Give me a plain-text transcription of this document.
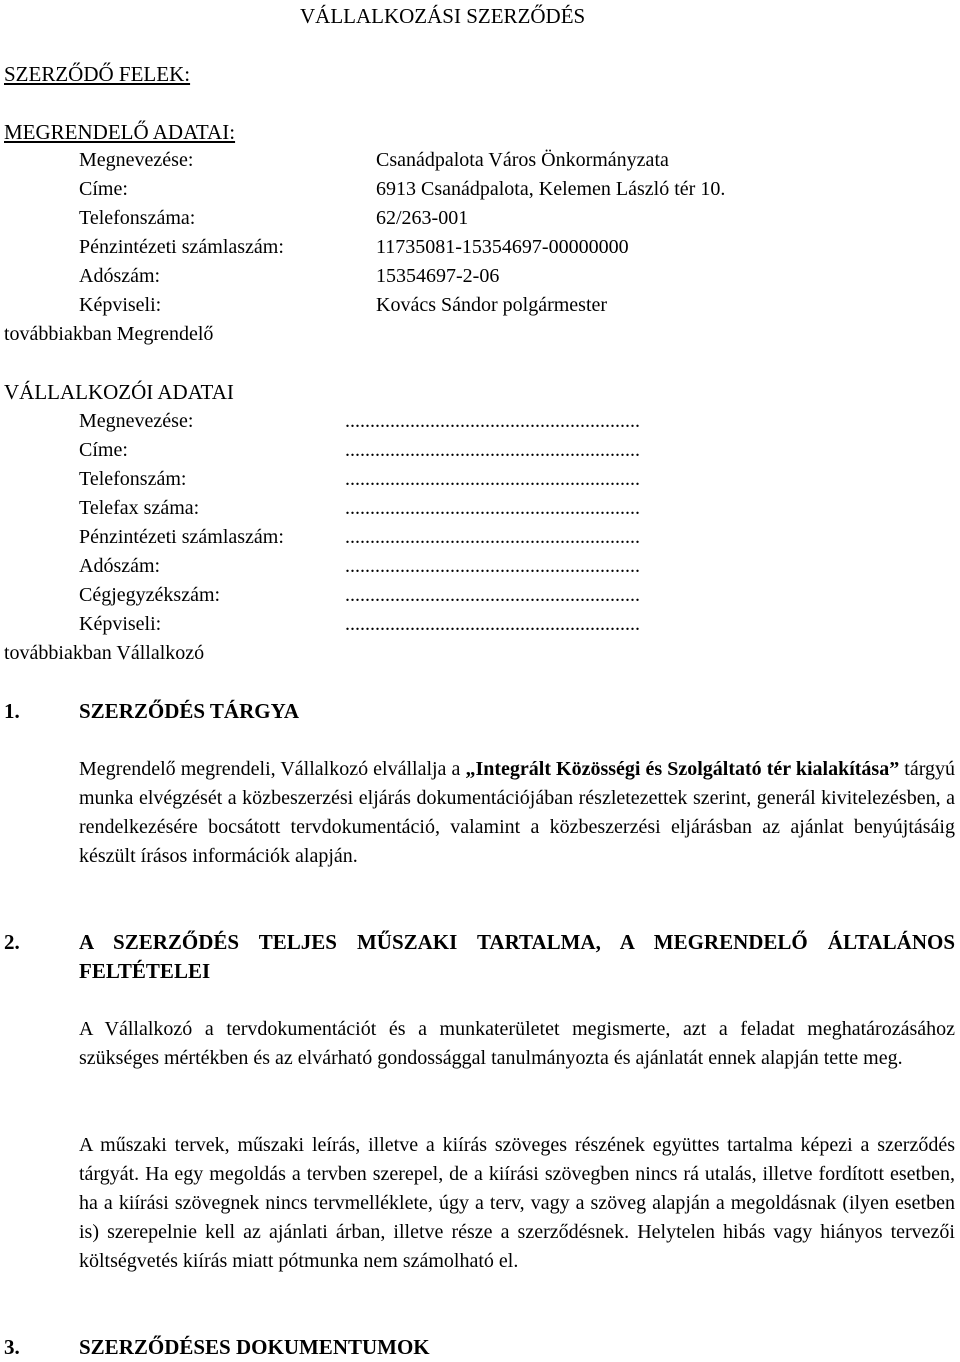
VÁLLALKOZÁSI SZERZŐDÉS
SZERZŐDŐ FELEK:
MEGRENDELŐ ADATAI:
Megnevezése:	Csanádpalota Város Önkormányzata
Címe:	6913 Csanádpalota, Kelemen László tér 10.
Telefonszáma:	62/263-001
Pénzintézeti számlaszám:	11735081-15354697-00000000
Adószám:	15354697-2-06
Képviseli:	Kovács Sándor polgármester
továbbiakban Megrendelő
VÁLLALKOZÓI ADATAI
Megnevezése:	...........................................................
Címe:	...........................................................
Telefonszám:	...........................................................
Telefax száma:	...........................................................
Pénzintézeti számlaszám:	...........................................................
Adószám:	...........................................................
Cégjegyzékszám:	...........................................................
Képviseli:	...........................................................
továbbiakban Vállalkozó
1.	SZERZŐDÉS TÁRGYA
Megrendelő megrendeli, Vállalkozó elvállalja a „Integrált Közösségi és Szolgáltató tér kialakítása” tárgyú munka elvégzését a közbeszerzési eljárás dokumentációjában részletezettek szerint, generál kivitelezésben, a rendelkezésére bocsátott tervdokumentáció, valamint a közbeszerzési eljárásban az ajánlat benyújtásáig készült írásos információk alapján.
2.	A SZERZŐDÉS TELJES MŰSZAKI TARTALMA, A MEGRENDELŐ ÁLTALÁNOS FELTÉTELEI
A Vállalkozó a tervdokumentációt és a munkaterületet megismerte, azt a feladat meghatározásához szükséges mértékben és az elvárható gondossággal tanulmányozta és ajánlatát ennek alapján tette meg.
A műszaki tervek, műszaki leírás, illetve a kiírás szöveges részének együttes tartalma képezi a szerződés tárgyát. Ha egy megoldás a tervben szerepel, de a kiírási szövegben nincs rá utalás, illetve fordított esetben, ha a kiírási szövegnek nincs tervmelléklete, úgy a terv, vagy a szöveg alapján a megoldásnak (ilyen esetben is) szerepelnie kell az ajánlati árban, illetve része a szerződésnek. Helytelen hibás vagy hiányos tervezői költségvetés kiírás miatt pótmunka nem számolható el.
3.	SZERZŐDÉSES DOKUMENTUMOK
